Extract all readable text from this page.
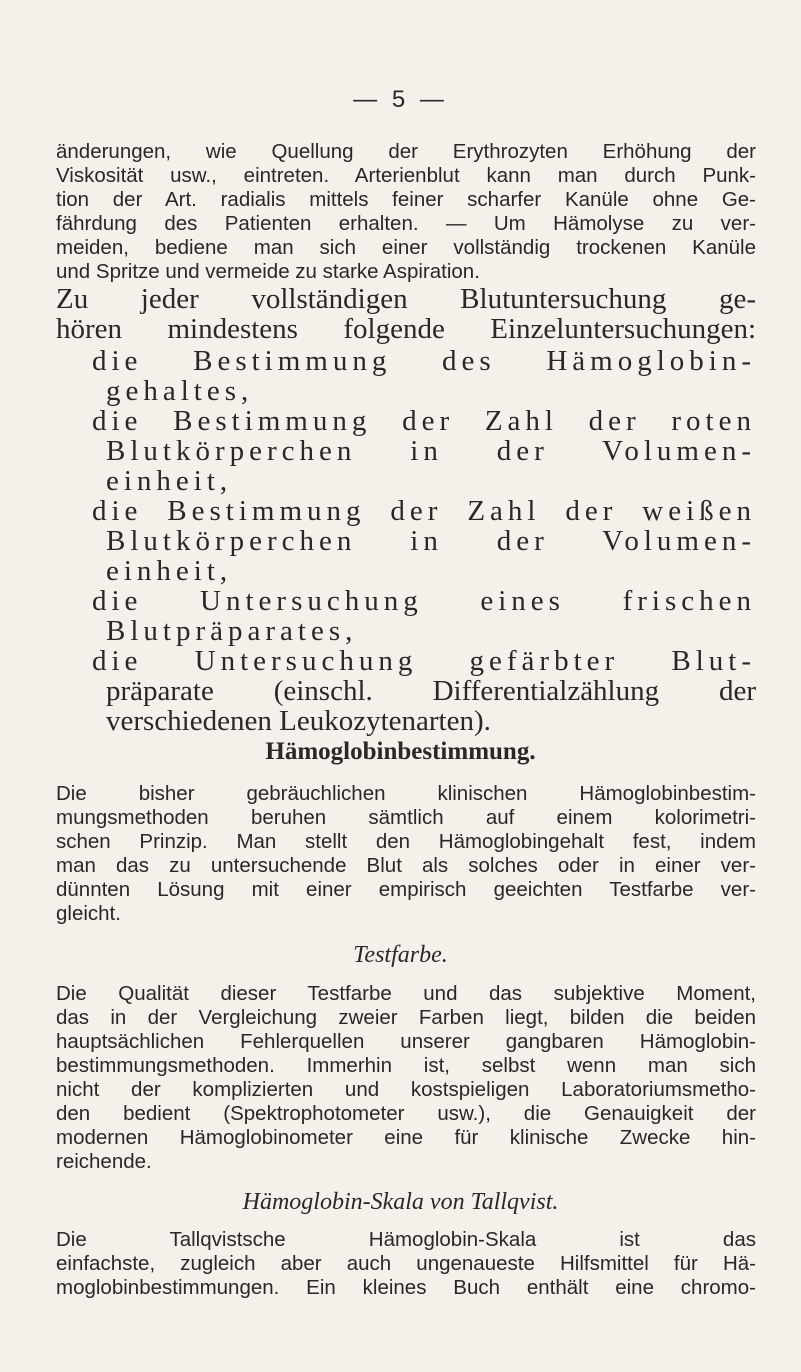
— 5 —
änderungen, wie Quellung der Erythrozyten Erhöhung der
Viskosität usw., eintreten. Arterienblut kann man durch Punk-
tion der Art. radialis mittels feiner scharfer Kanüle ohne Ge-
fährdung des Patienten erhalten. — Um Hämolyse zu ver-
meiden, bediene man sich einer vollständig trockenen Kanüle
und Spritze und vermeide zu starke Aspiration.
Zu jeder vollständigen Blutuntersuchung ge-
hören mindestens folgende Einzeluntersuchungen:
die Bestimmung des Hämoglobin-
gehaltes,
die Bestimmung der Zahl der roten
Blutkörperchen in der Volumen-
einheit,
die Bestimmung der Zahl der weißen
Blutkörperchen in der Volumen-
einheit,
die Untersuchung eines frischen
Blutpräparates,
die Untersuchung gefärbter Blut-
präparate (einschl. Differentialzählung der
verschiedenen Leukozytenarten).
Hämoglobinbestimmung.
Die bisher gebräuchlichen klinischen Hämoglobinbestim-
mungsmethoden beruhen sämtlich auf einem kolorimetri-
schen Prinzip. Man stellt den Hämoglobingehalt fest, indem
man das zu untersuchende Blut als solches oder in einer ver-
dünnten Lösung mit einer empirisch geeichten Testfarbe ver-
gleicht.
Testfarbe.
Die Qualität dieser Testfarbe und das subjektive Moment,
das in der Vergleichung zweier Farben liegt, bilden die beiden
hauptsächlichen Fehlerquellen unserer gangbaren Hämoglobin-
bestimmungsmethoden. Immerhin ist, selbst wenn man sich
nicht der komplizierten und kostspieligen Laboratoriumsmetho-
den bedient (Spektrophotometer usw.), die Genauigkeit der
modernen Hämoglobinometer eine für klinische Zwecke hin-
reichende.
Hämoglobin-Skala von Tallqvist.
Die Tallqvistsche Hämoglobin-Skala ist das
einfachste, zugleich aber auch ungenaueste Hilfsmittel für Hä-
moglobinbestimmungen. Ein kleines Buch enthält eine chromo-
